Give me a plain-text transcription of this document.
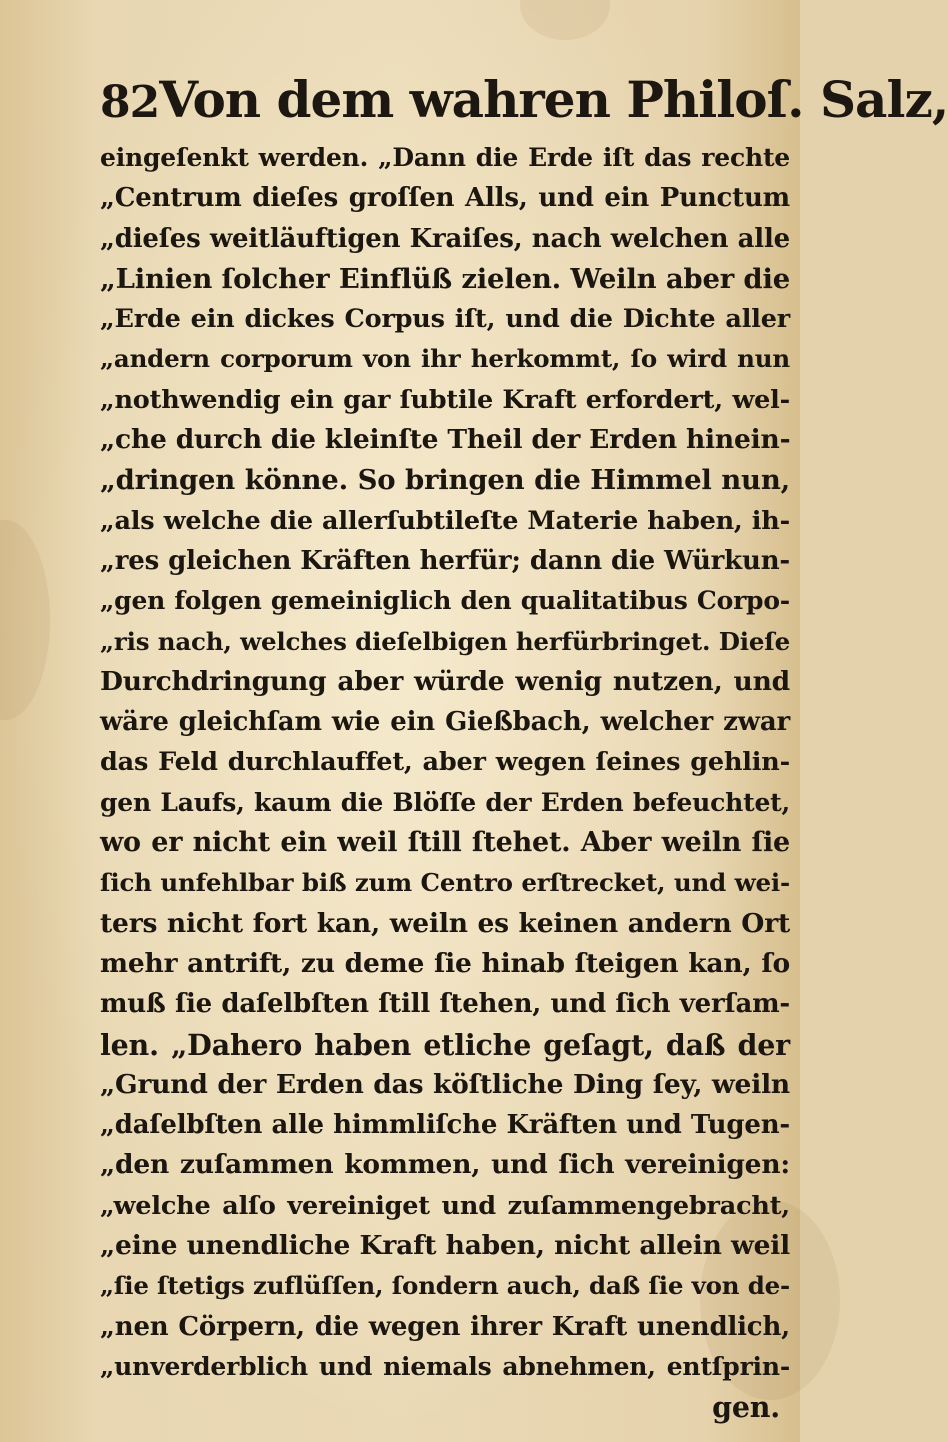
82 Von dem wahren Philoſ. Salz,
eingeſenkt werden. „Dann die Erde iſt das rechte
„Centrum dieſes groſſen Alls, und ein Punctum
„dieſes weitläuftigen Kraiſes, nach welchen alle
„Linien ſolcher Einflüß zielen. Weiln aber die
„Erde ein dickes Corpus iſt, und die Dichte aller
„andern corporum von ihr herkommt, ſo wird nun
„nothwendig ein gar ſubtile Kraft erfordert, wel-
„che durch die kleinſte Theil der Erden hinein-
„dringen könne. So bringen die Himmel nun,
„als welche die allerſubtileſte Materie haben, ih-
„res gleichen Kräften herfür; dann die Würkun-
„gen folgen gemeiniglich den qualitatibus Corpo-
„ris nach, welches dieſelbigen herfürbringet. Dieſe
Durchdringung aber würde wenig nutzen, und
wäre gleichſam wie ein Gießbach, welcher zwar
das Feld durchlauffet, aber wegen ſeines gehlin-
gen Laufs, kaum die Blöſſe der Erden befeuchtet,
wo er nicht ein weil ſtill ſtehet. Aber weiln ſie
ſich unfehlbar biß zum Centro erſtrecket, und wei-
ters nicht fort kan, weiln es keinen andern Ort
mehr antrift, zu deme ſie hinab ſteigen kan, ſo
muß ſie daſelbſten ſtill ſtehen, und ſich verſam-
len. „Dahero haben etliche geſagt, daß der
„Grund der Erden das köſtliche Ding ſey, weiln
„daſelbſten alle himmliſche Kräften und Tugen-
„den zuſammen kommen, und ſich vereinigen:
„welche alſo vereiniget und zuſammengebracht,
„eine unendliche Kraft haben, nicht allein weil
„ſie ſtetigs zuflüſſen, ſondern auch, daß ſie von de-
„nen Cörpern, die wegen ihrer Kraft unendlich,
„unverderblich und niemals abnehmen, entſprin-
gen.
